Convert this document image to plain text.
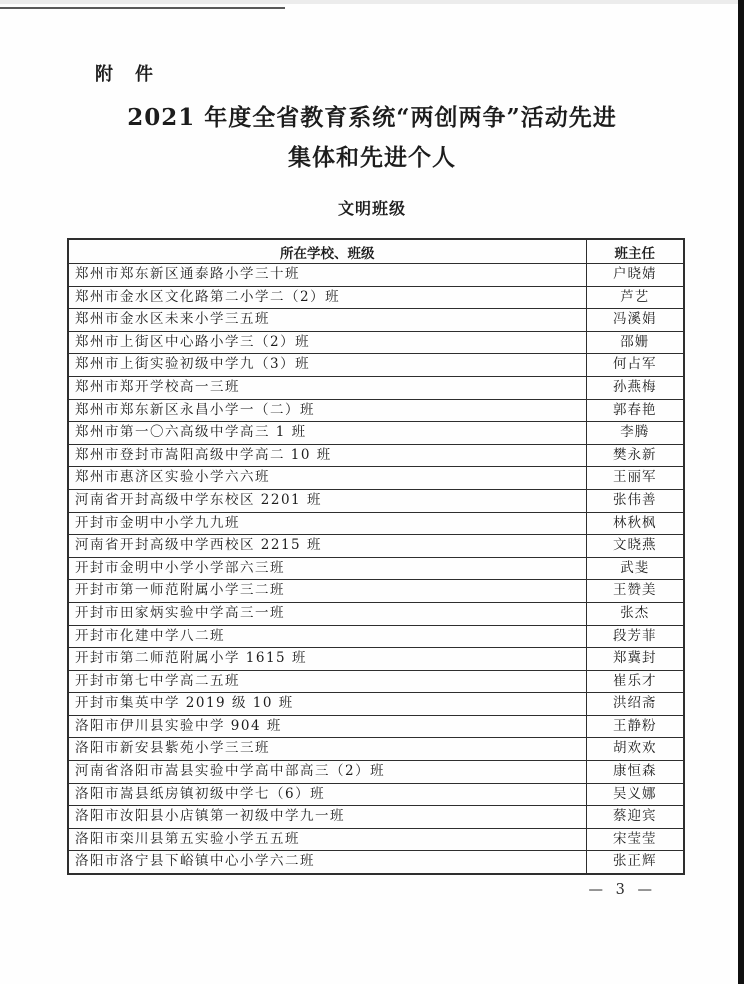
附　件
2021 年度全省教育系统“两创两争”活动先进
集体和先进个人
文明班级
所在学校、班级	班主任
郑州市郑东新区通泰路小学三十班	户晓婧
郑州市金水区文化路第二小学二（2）班	芦艺
郑州市金水区未来小学三五班	冯溪娟
郑州市上街区中心路小学三（2）班	邵姗
郑州市上街实验初级中学九（3）班	何占军
郑州市郑开学校高一三班	孙燕梅
郑州市郑东新区永昌小学一（二）班	郭春艳
郑州市第一〇六高级中学高三 1 班	李腾
郑州市登封市嵩阳高级中学高二 10 班	樊永新
郑州市惠济区实验小学六六班	王丽军
河南省开封高级中学东校区 2201 班	张伟善
开封市金明中小学九九班	林秋枫
河南省开封高级中学西校区 2215 班	文晓燕
开封市金明中小学小学部六三班	武斐
开封市第一师范附属小学三二班	王赞美
开封市田家炳实验中学高三一班	张杰
开封市化建中学八二班	段芳菲
开封市第二师范附属小学 1615 班	郑冀封
开封市第七中学高二五班	崔乐才
开封市集英中学 2019 级 10 班	洪绍斋
洛阳市伊川县实验中学 904 班	王静粉
洛阳市新安县紫苑小学三三班	胡欢欢
河南省洛阳市嵩县实验中学高中部高三（2）班	康恒森
洛阳市嵩县纸房镇初级中学七（6）班	吴义娜
洛阳市汝阳县小店镇第一初级中学九一班	蔡迎宾
洛阳市栾川县第五实验小学五五班	宋莹莹
洛阳市洛宁县下峪镇中心小学六二班	张正辉
— 3 —
